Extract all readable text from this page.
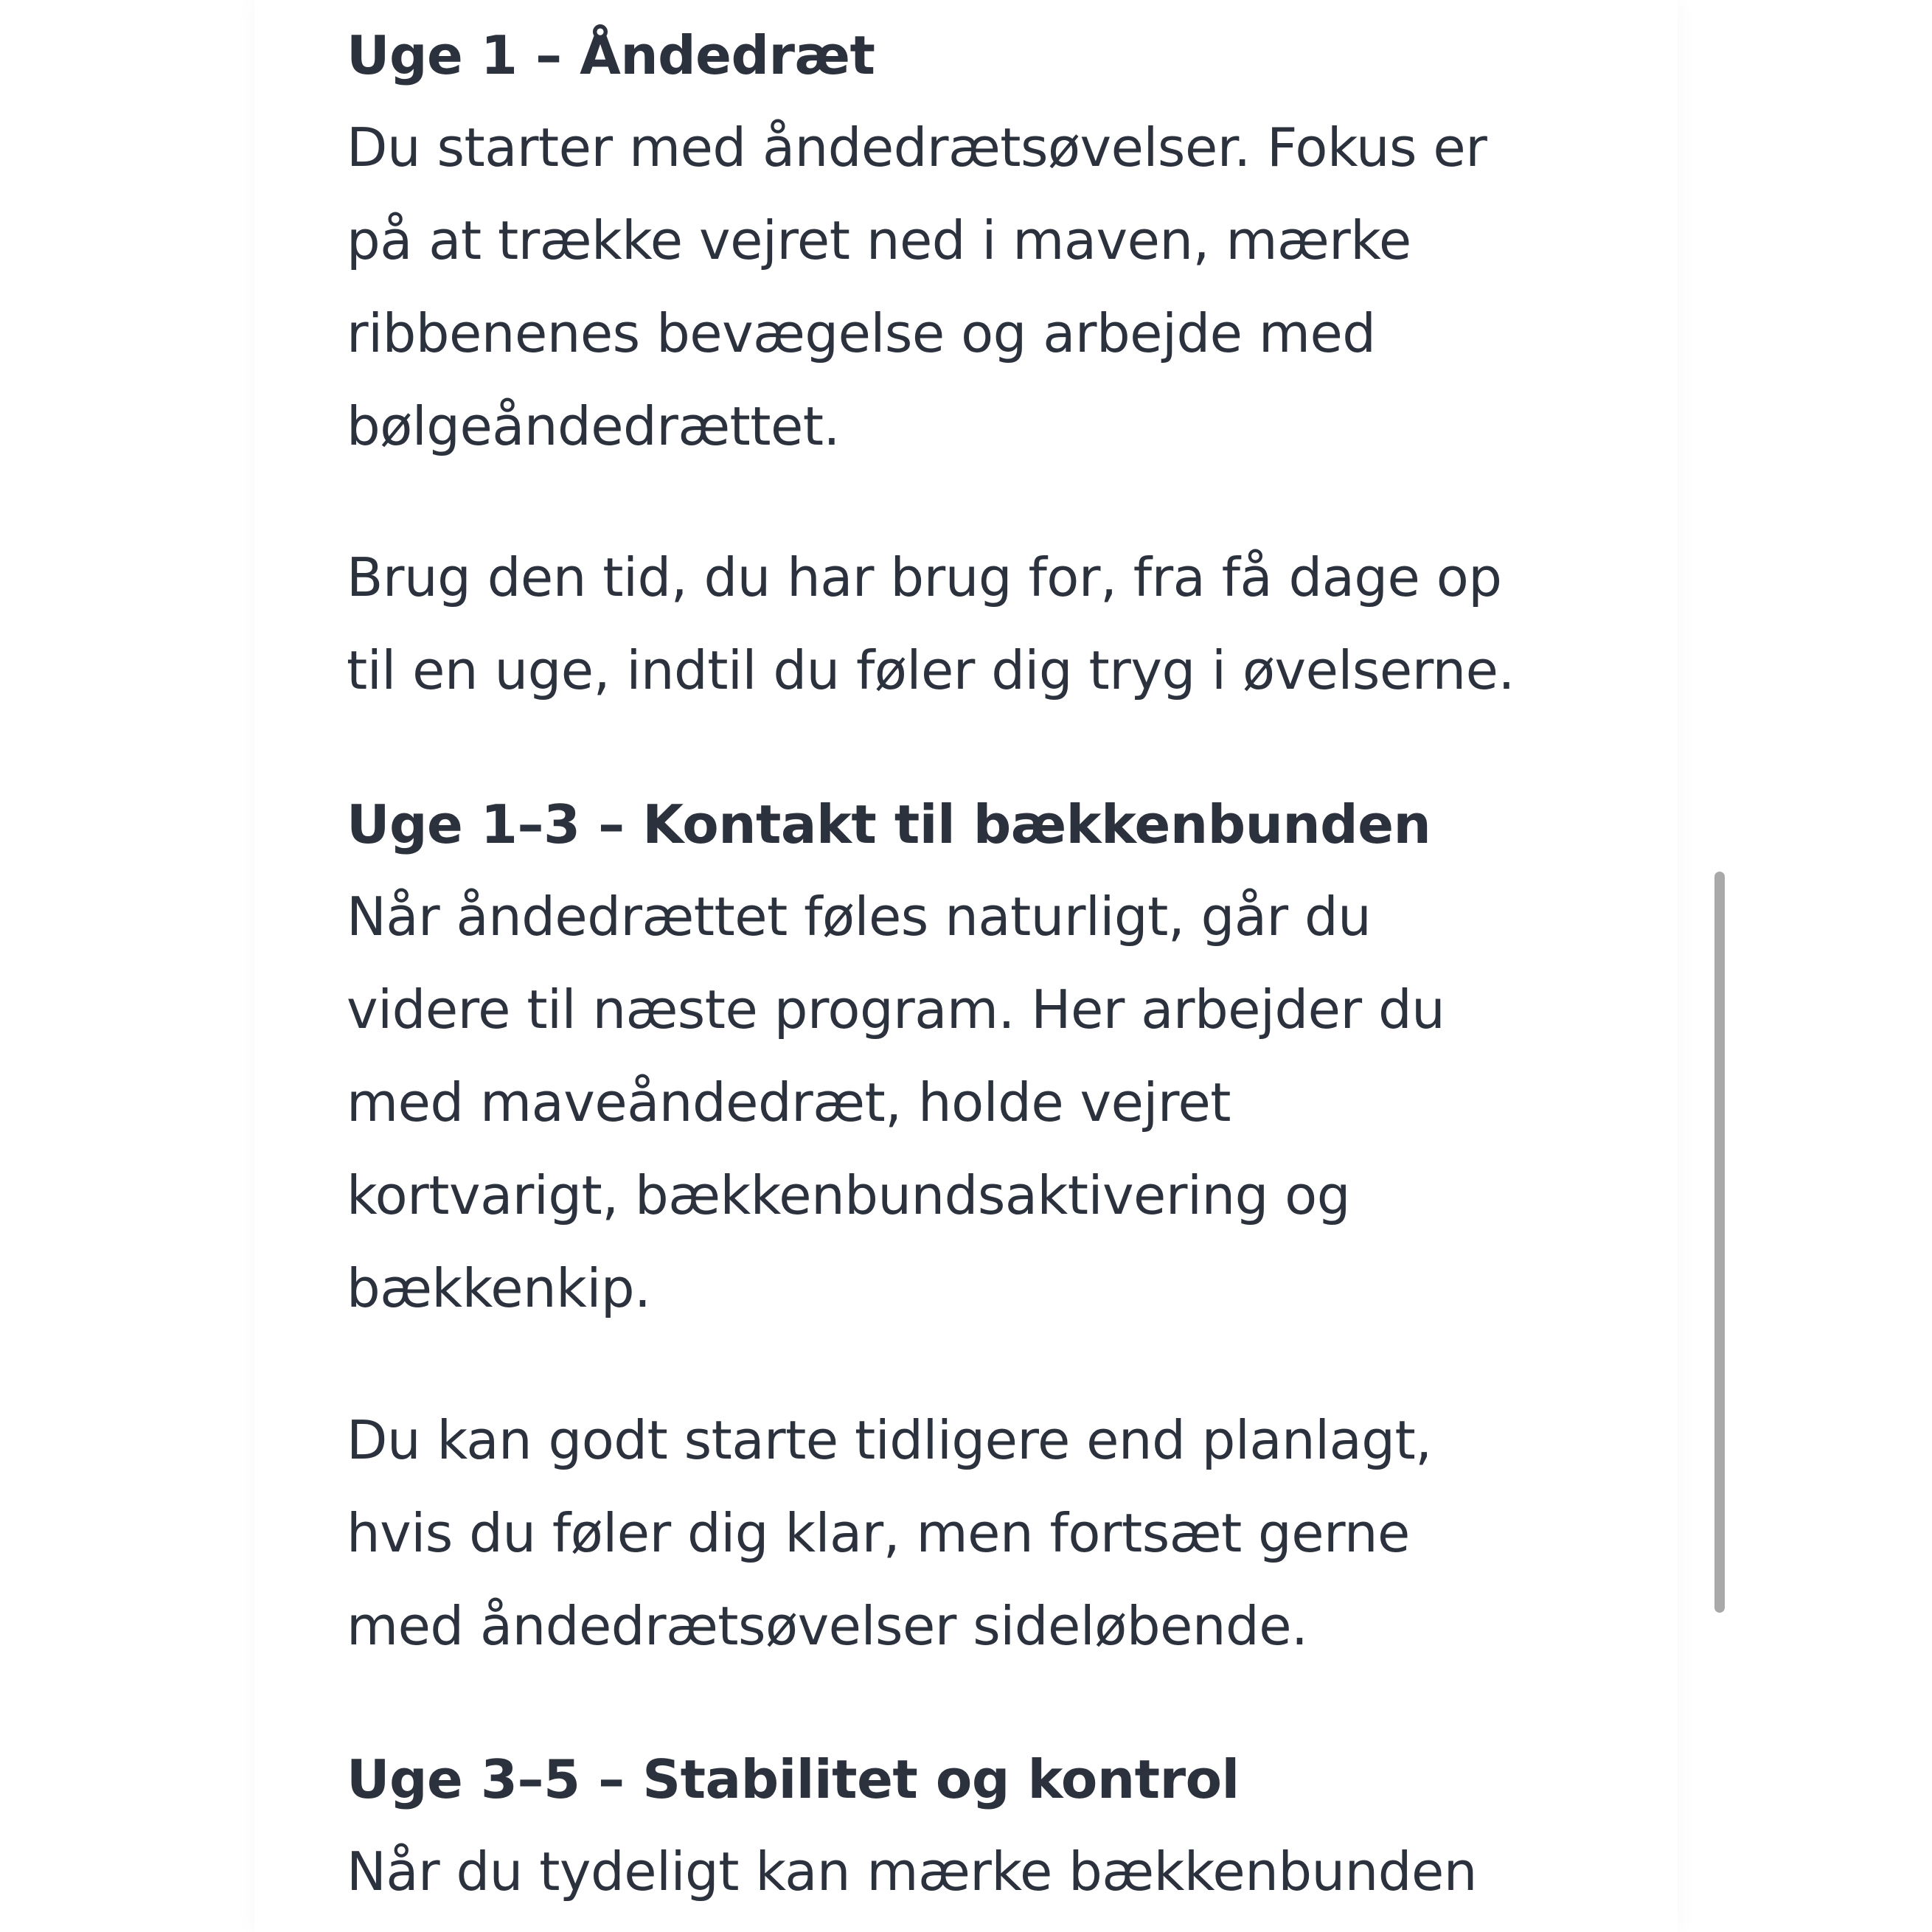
Uge 1 – Åndedræt

Du starter med åndedrætsøvelser. Fokus er
på at trække vejret ned i maven, mærke
ribbenenes bevægelse og arbejde med
bølgeåndedrættet.

Brug den tid, du har brug for, fra få dage op
til en uge, indtil du føler dig tryg i øvelserne.

Uge 1–3 – Kontakt til bækkenbunden

Når åndedrættet føles naturligt, går du
videre til næste program. Her arbejder du
med maveåndedræt, holde vejret
kortvarigt, bækkenbundsaktivering og
bækkenkip.

Du kan godt starte tidligere end planlagt,
hvis du føler dig klar, men fortsæt gerne
med åndedrætsøvelser sideløbende.

Uge 3–5 – Stabilitet og kontrol

Når du tydeligt kan mærke bækkenbunden
